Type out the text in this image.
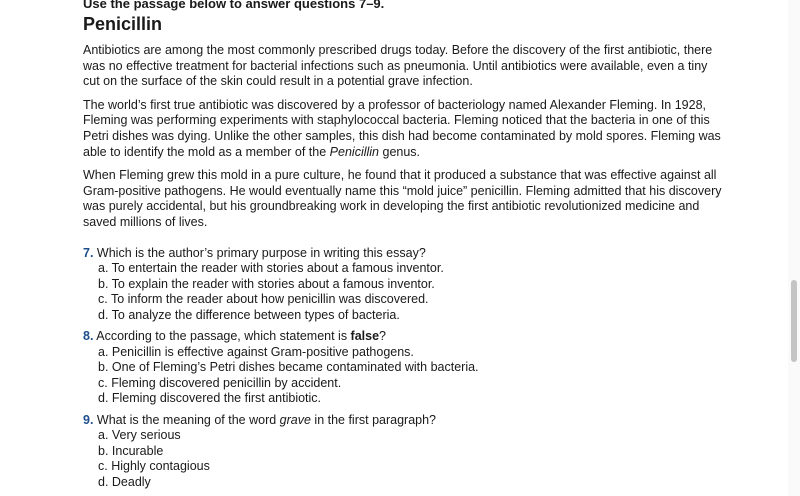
Use the passage below to answer questions 7–9.

Penicillin

Antibiotics are among the most commonly prescribed drugs today. Before the discovery of the first antibiotic, there was no effective treatment for bacterial infections such as pneumonia. Until antibiotics were available, even a tiny cut on the surface of the skin could result in a potential grave infection.

The world’s first true antibiotic was discovered by a professor of bacteriology named Alexander Fleming. In 1928, Fleming was performing experiments with staphylococcal bacteria. Fleming noticed that the bacteria in one of this Petri dishes was dying. Unlike the other samples, this dish had become contaminated by mold spores. Fleming was able to identify the mold as a member of the Penicillin genus.

When Fleming grew this mold in a pure culture, he found that it produced a substance that was effective against all Gram-positive pathogens. He would eventually name this “mold juice” penicillin. Fleming admitted that his discovery was purely accidental, but his groundbreaking work in developing the first antibiotic revolutionized medicine and saved millions of lives.

7. Which is the author’s primary purpose in writing this essay?

a. To entertain the reader with stories about a famous inventor.
b. To explain the reader with stories about a famous inventor.
c. To inform the reader about how penicillin was discovered.
d. To analyze the difference between types of bacteria.

8. According to the passage, which statement is false?

a. Penicillin is effective against Gram-positive pathogens.
b. One of Fleming’s Petri dishes became contaminated with bacteria.
c. Fleming discovered penicillin by accident.
d. Fleming discovered the first antibiotic.

9. What is the meaning of the word grave in the first paragraph?

a. Very serious
b. Incurable
c. Highly contagious
d. Deadly
